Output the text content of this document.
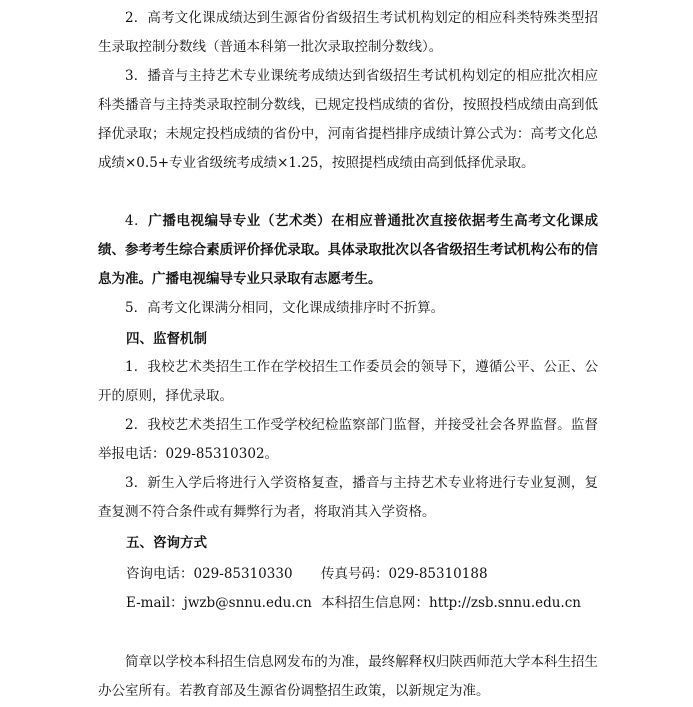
2．高考文化课成绩达到生源省份省级招生考试机构划定的相应科类特殊类型招生录取控制分数线（普通本科第一批次录取控制分数线）。
3．播音与主持艺术专业课统考成绩达到省级招生考试机构划定的相应批次相应科类播音与主持类录取控制分数线，已规定投档成绩的省份，按照投档成绩由高到低择优录取；未规定投档成绩的省份中，河南省提档排序成绩计算公式为：高考文化总成绩×0.5+专业省级统考成绩×1.25，按照提档成绩由高到低择优录取。
4．广播电视编导专业（艺术类）在相应普通批次直接依据考生高考文化课成绩、参考考生综合素质评价择优录取。具体录取批次以各省级招生考试机构公布的信息为准。广播电视编导专业只录取有志愿考生。
5．高考文化课满分相同，文化课成绩排序时不折算。
四、监督机制
1．我校艺术类招生工作在学校招生工作委员会的领导下，遵循公平、公正、公开的原则，择优录取。
2．我校艺术类招生工作受学校纪检监察部门监督，并接受社会各界监督。监督举报电话：029-85310302。
3．新生入学后将进行入学资格复查，播音与主持艺术专业将进行专业复测，复查复测不符合条件或有舞弊行为者，将取消其入学资格。
五、咨询方式
咨询电话：029-85310330 传真号码：029-85310188
E-mail：jwzb@snnu.edu.cn 本科招生信息网：http://zsb.snnu.edu.cn
简章以学校本科招生信息网发布的为准，最终解释权归陕西师范大学本科生招生办公室所有。若教育部及生源省份调整招生政策，以新规定为准。
